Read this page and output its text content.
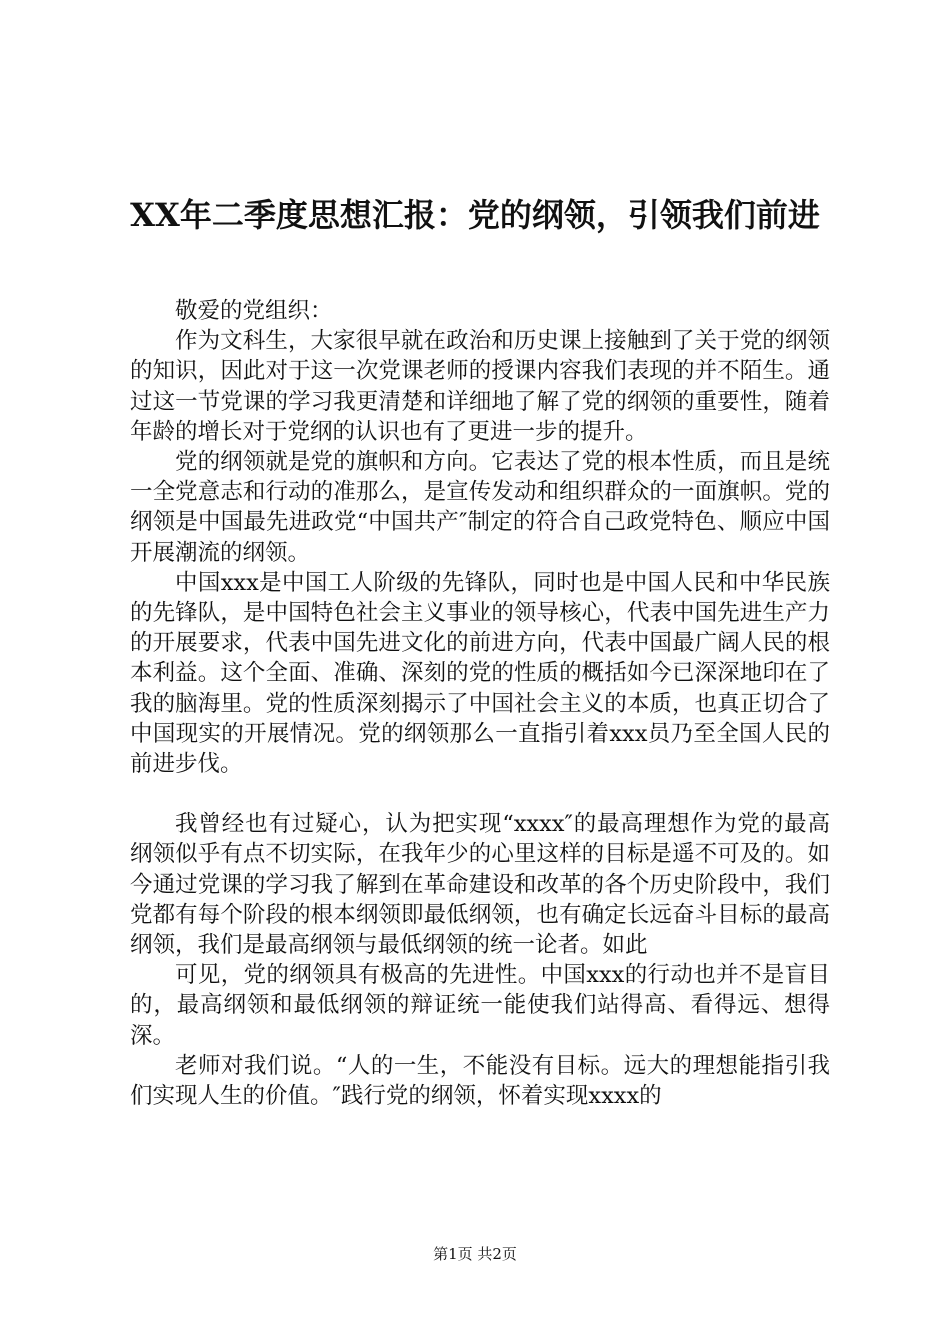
XX年二季度思想汇报：党的纲领，引领我们前进

敬爱的党组织：

作为文科生，大家很早就在政治和历史课上接触到了关于党的纲领的知识，因此对于这一次党课老师的授课内容我们表现的并不陌生。通过这一节党课的学习我更清楚和详细地了解了党的纲领的重要性，随着年龄的增长对于党纲的认识也有了更进一步的提升。

党的纲领就是党的旗帜和方向。它表达了党的根本性质，而且是统一全党意志和行动的准那么，是宣传发动和组织群众的一面旗帜。党的纲领是中国最先进政党“中国共产″制定的符合自己政党特色、顺应中国开展潮流的纲领。

中国xxx是中国工人阶级的先锋队，同时也是中国人民和中华民族的先锋队，是中国特色社会主义事业的领导核心，代表中国先进生产力的开展要求，代表中国先进文化的前进方向，代表中国最广阔人民的根本利益。这个全面、准确、深刻的党的性质的概括如今已深深地印在了我的脑海里。党的性质深刻揭示了中国社会主义的本质，也真正切合了中国现实的开展情况。党的纲领那么一直指引着xxx员乃至全国人民的前进步伐。

我曾经也有过疑心，认为把实现“xxxx″的最高理想作为党的最高纲领似乎有点不切实际，在我年少的心里这样的目标是遥不可及的。如今通过党课的学习我了解到在革命建设和改革的各个历史阶段中，我们党都有每个阶段的根本纲领即最低纲领，也有确定长远奋斗目标的最高纲领，我们是最高纲领与最低纲领的统一论者。如此

可见，党的纲领具有极高的先进性。中国xxx的行动也并不是盲目的，最高纲领和最低纲领的辩证统一能使我们站得高、看得远、想得深。

老师对我们说。“人的一生，不能没有目标。远大的理想能指引我们实现人生的价值。″践行党的纲领，怀着实现xxxx的

第1页 共2页
